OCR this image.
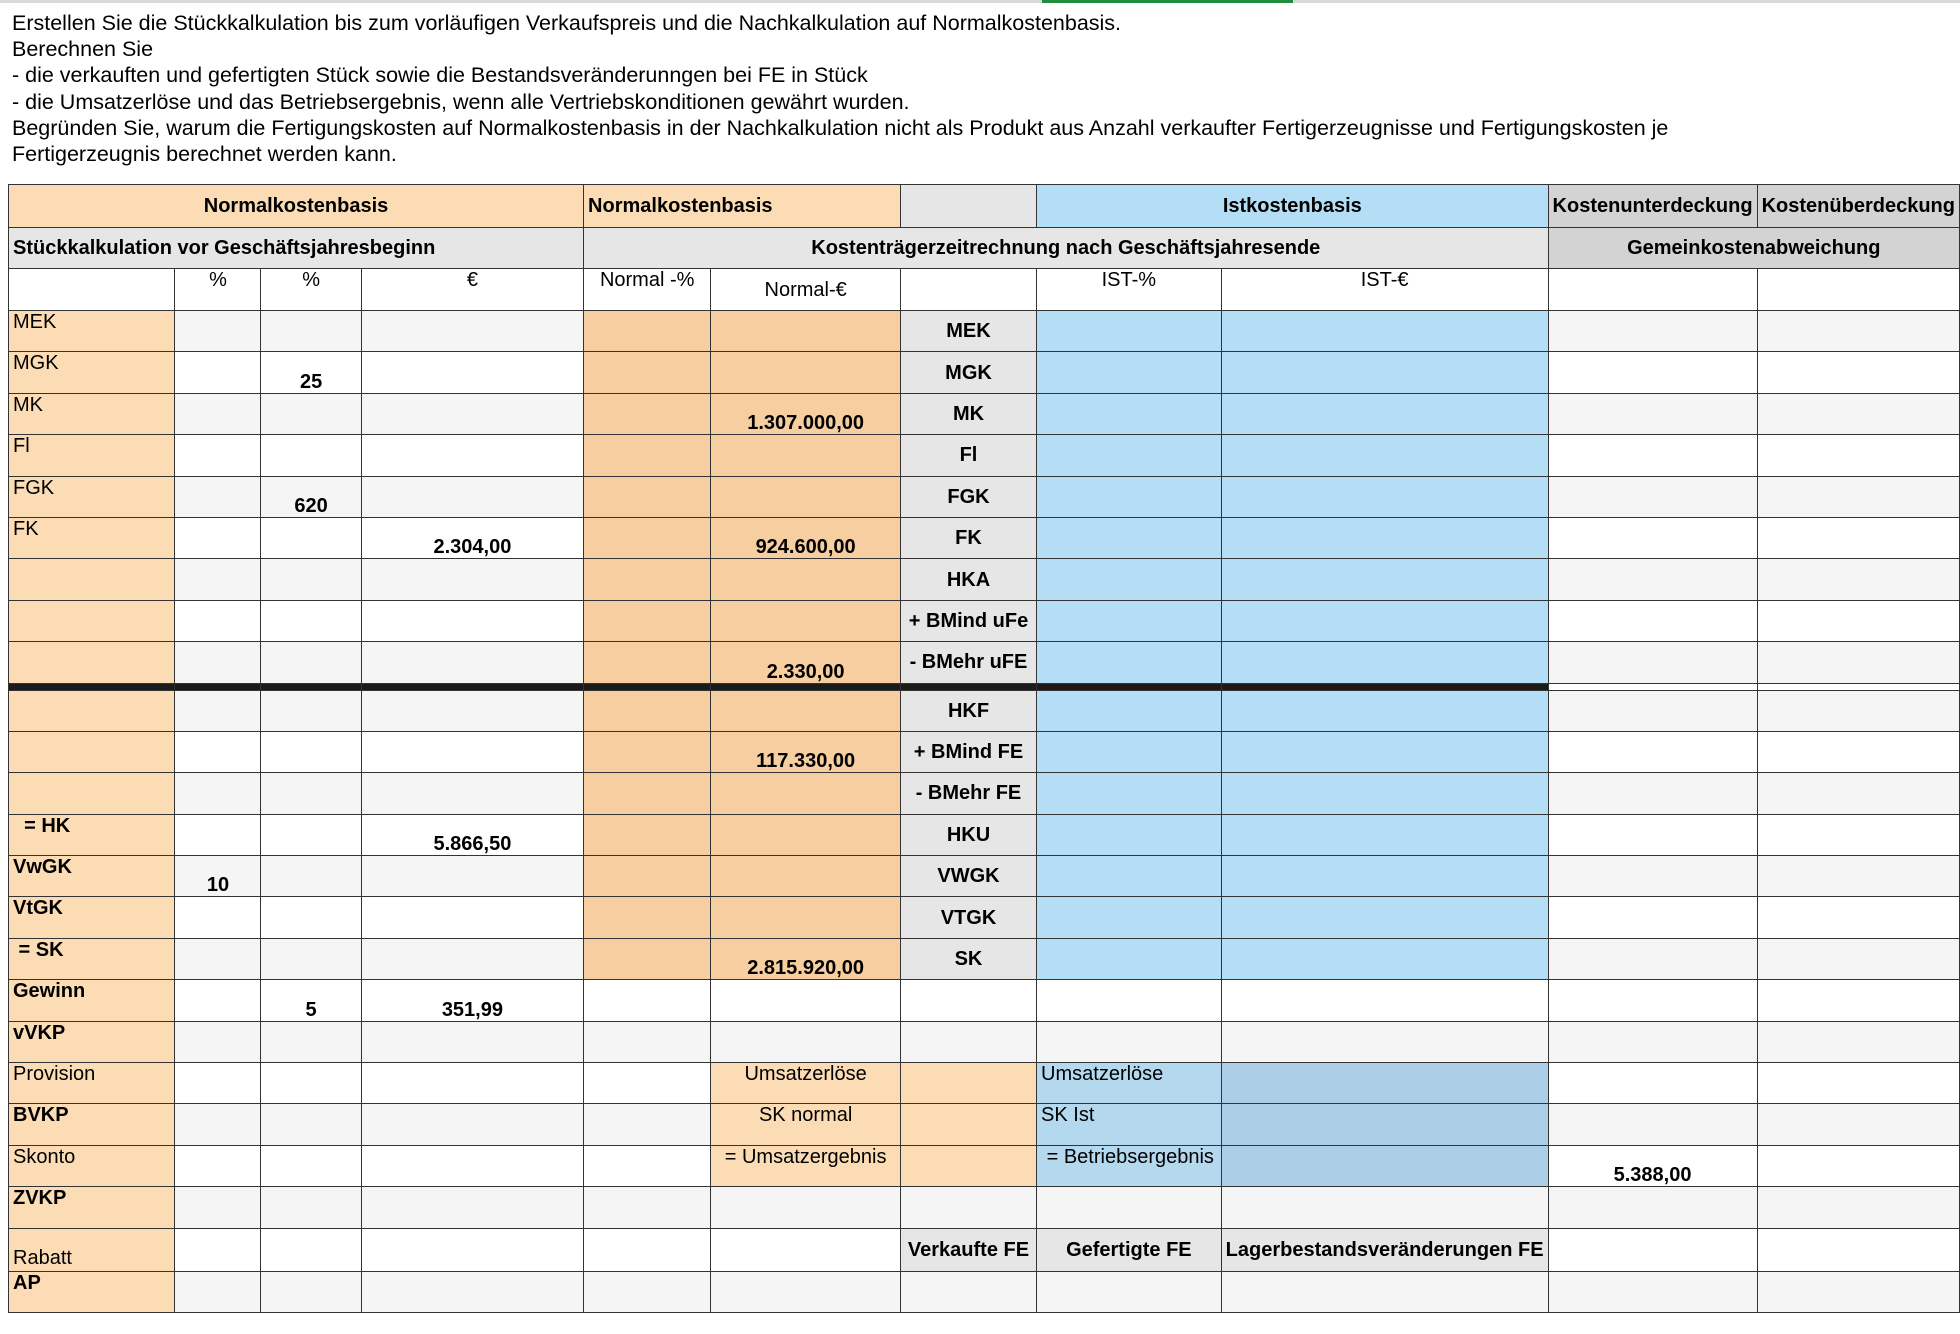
Erstellen Sie die Stückkalkulation bis zum vorläufigen Verkaufspreis und die Nachkalkulation auf Normalkostenbasis.
Berechnen Sie
- die verkauften und gefertigten Stück sowie die Bestandsveränderunngen bei FE in Stück
- die Umsatzerlöse und das Betriebsergebnis, wenn alle Vertriebskonditionen gewährt wurden.
Begründen Sie, warum die Fertigungskosten auf Normalkostenbasis in der Nachkalkulation nicht als Produkt aus Anzahl verkaufter Fertigerzeugnisse und Fertigungskosten je
Fertigerzeugnis berechnet werden kann.
Normalkostenbasis				Normalkostenbasis			Istkostenbasis		Kostenunterdeckung	Kostenüberdeckung
Stückkalkulation vor Geschäftsjahresbeginn				Kostenträgerzeitrechnung nach Geschäftsjahresende					Gemeinkostenabweichung	
	%	%	€	Normal -%	Normal-€		IST-%	IST-€		
MEK						MEK				
MGK		25				MGK				
MK					1.307.000,00	MK				
Fl						Fl				
FGK		620				FGK				
FK			2.304,00		924.600,00	FK				
						HKA				
						+ BMind uFe				
					2.330,00	- BMehr uFE				

						HKF				
					117.330,00	+ BMind FE				
						- BMehr FE				
= HK			5.866,50			HKU				
VwGK	10					VWGK				
VtGK						VTGK				
= SK					2.815.920,00	SK				
Gewinn		5	351,99							
vVKP										
Provision					Umsatzerlöse		Umsatzerlöse			
BVKP					SK normal		SK Ist			
Skonto					= Umsatzergebnis		= Betriebsergebnis		5.388,00	
ZVKP										
Rabatt						Verkaufte FE	Gefertigte FE	Lagerbestandsveränderungen FE		
AP										
